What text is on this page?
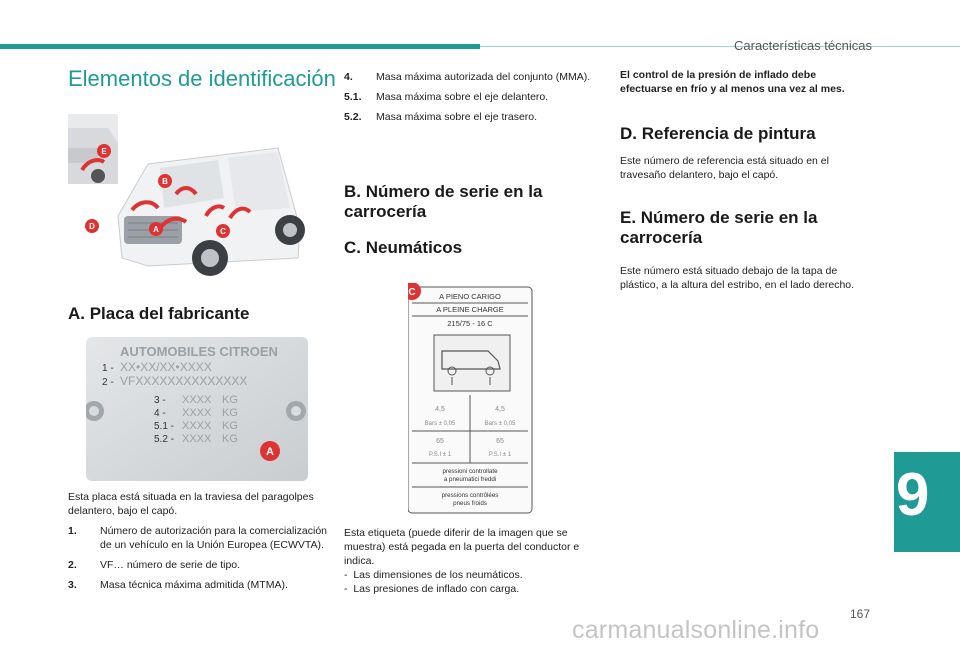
Características técnicas
Elementos de identificación
E
B
D	A	C
A. Placa del fabricante
AUTOMOBILES CITROEN
1 - XX•XX/XX•XXXX
2 - VFXXXXXXXXXXXXXX
3 - XXXX KG
4 - XXXX KG
5.1 - XXXX KG
5.2 - XXXX KG
A

Esta placa está situada en la traviesa del paragolpes delantero, bajo el capó.

1. Número de autorización para la comercialización de un vehículo en la Unión Europea (ECWVTA).
2. VF… número de serie de tipo.
3. Masa técnica máxima admitida (MTMA).
4. Masa máxima autorizada del conjunto (MMA).
5.1. Masa máxima sobre el eje delantero.
5.2. Masa máxima sobre el eje trasero.
B. Número de serie en la carrocería
C. Neumáticos
A PIENO CARIGO
A PLEINE CHARGE
215/75 - 16 C
4,5	4,5
Bars ± 0,05	Bars ± 0,05
65	65
P.S.I ± 1	P.S.I ± 1
pressioni controllate
a pneumatici freddi
pressions contrôlées
pneus froids
C

Esta etiqueta (puede diferir de la imagen que se muestra) está pegada en la puerta del conductor e indica.

-  Las dimensiones de los neumáticos.
-  Las presiones de inflado con carga.
El control de la presión de inflado debe efectuarse en frío y al menos una vez al mes.
D. Referencia de pintura
Este número de referencia está situado en el travesaño delantero, bajo el capó.
E. Número de serie en la carrocería
Este número está situado debajo de la tapa de plástico, a la altura del estribo, en el lado derecho.
9
167
carmanualsonline.info
